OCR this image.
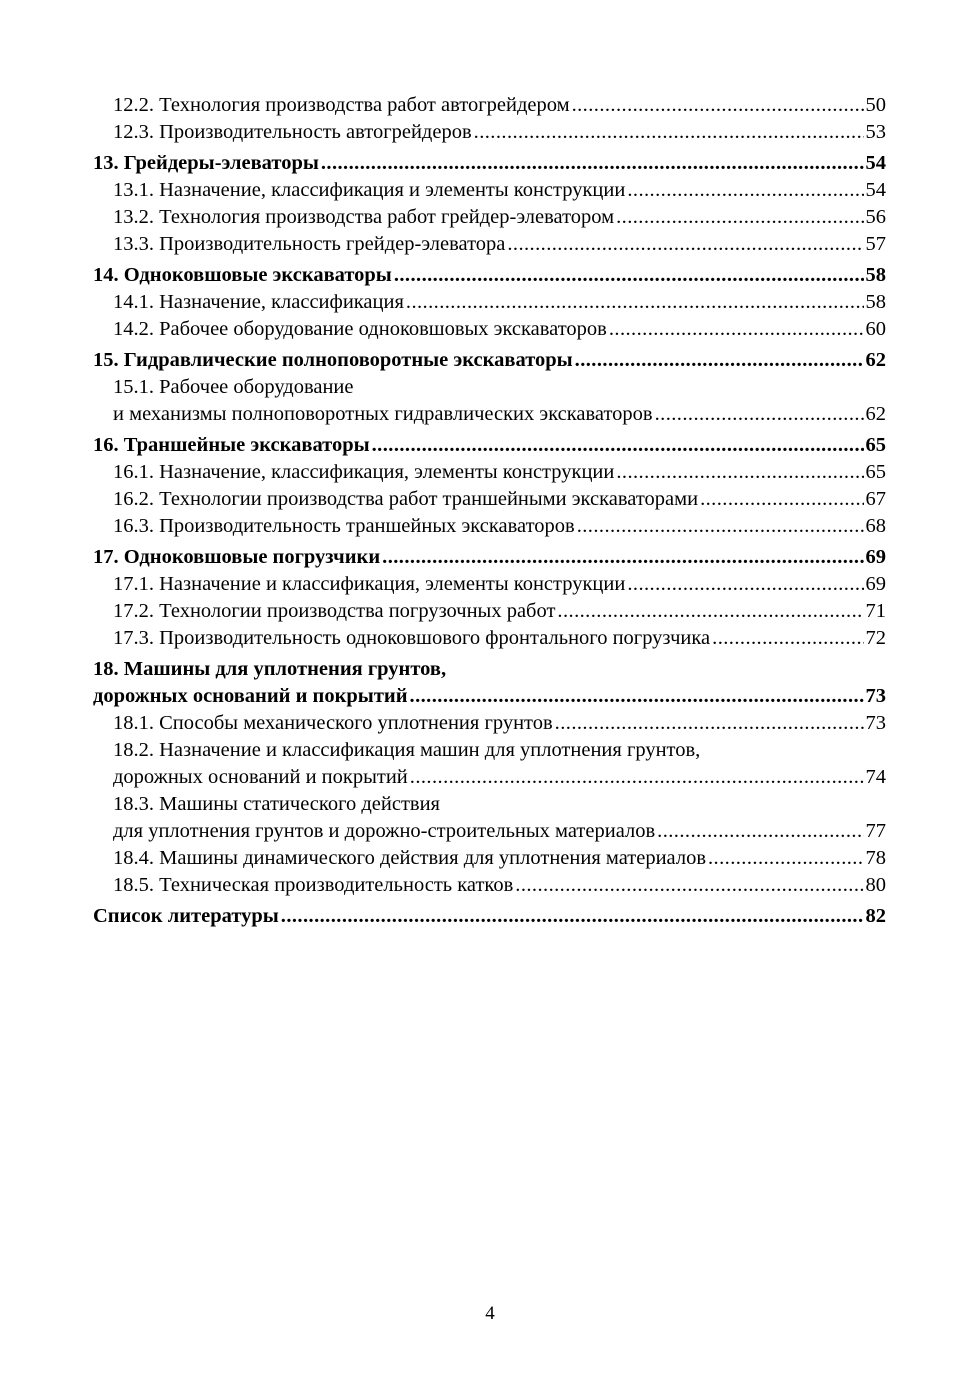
12.2. Технология производства работ автогрейдером . . .	50
12.3. Производительность автогрейдеров . . .	53
13. Грейдеры-элеваторы . . .	54
13.1. Назначение, классификация и элементы конструкции . . .	54
13.2. Технология производства работ грейдер-элеватором . . .	56
13.3. Производительность грейдер-элеватора . . .	57
14. Одноковшовые экскаваторы . . .	58
14.1. Назначение, классификация . . .	58
14.2. Рабочее оборудование одноковшовых экскаваторов . . .	60
15. Гидравлические полноповоротные экскаваторы . . .	62
15.1. Рабочее оборудование
и механизмы полноповоротных гидравлических экскаваторов . . .	62
16. Траншейные экскаваторы . . .	65
16.1. Назначение, классификация, элементы конструкции . . .	65
16.2. Технологии производства работ траншейными экскаваторами . . .	67
16.3. Производительность траншейных экскаваторов . . .	68
17. Одноковшовые погрузчики . . .	69
17.1. Назначение и классификация, элементы конструкции . . .	69
17.2. Технологии производства погрузочных работ . . .	71
17.3. Производительность одноковшового фронтального погрузчика . . .	72
18. Машины для уплотнения грунтов,
дорожных оснований и покрытий . . .	73
18.1. Способы механического уплотнения грунтов . . .	73
18.2. Назначение и классификация машин для уплотнения грунтов,
дорожных оснований и покрытий . . .	74
18.3. Машины статического действия
для уплотнения грунтов и дорожно-строительных материалов . . .	77
18.4. Машины динамического действия для уплотнения материалов . . .	78
18.5. Техническая производительность катков . . .	80
Список литературы . . .	82
4
